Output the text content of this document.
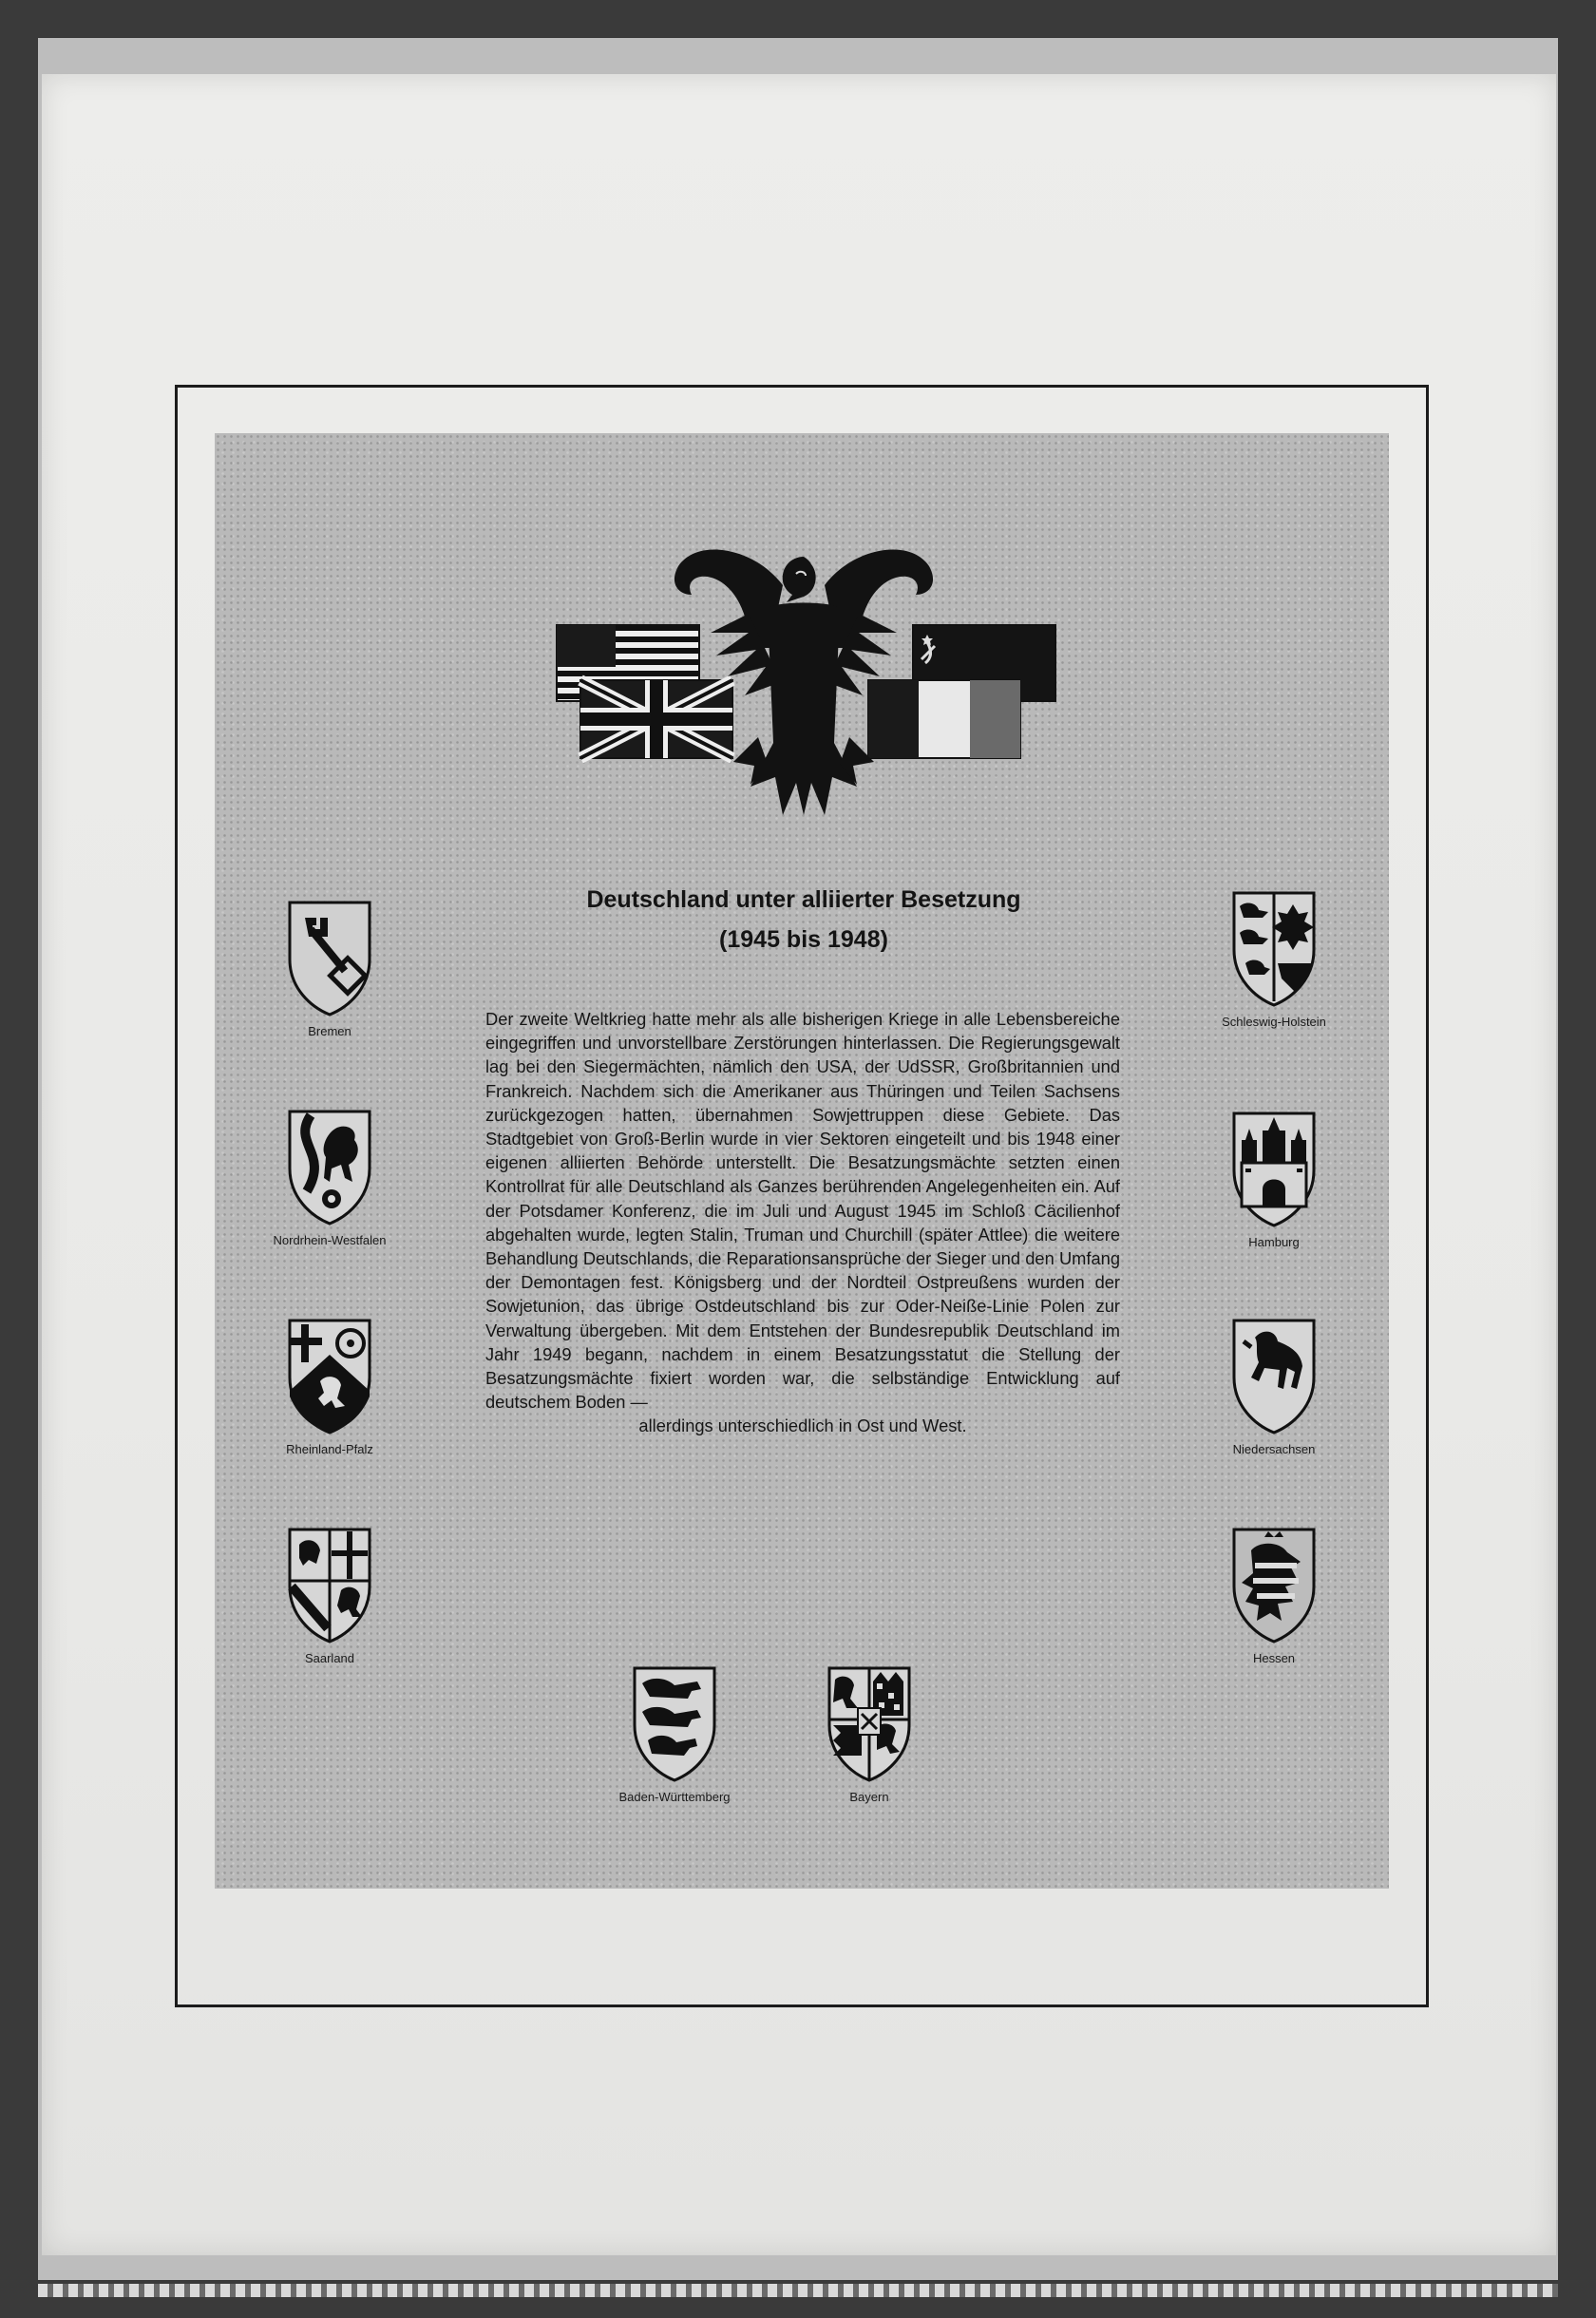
Deutschland unter alliierter Besetzung
(1945 bis 1948)

Der zweite Weltkrieg hatte mehr als alle bisherigen Kriege in alle Lebensbereiche eingegriffen und unvorstellbare Zerstörungen hinterlassen. Die Regierungsgewalt lag bei den Siegermächten, nämlich den USA, der UdSSR, Großbritannien und Frankreich. Nachdem sich die Amerikaner aus Thüringen und Teilen Sachsens zurückgezogen hatten, übernahmen Sowjettruppen diese Gebiete. Das Stadtgebiet von Groß-Berlin wurde in vier Sektoren eingeteilt und bis 1948 einer eigenen alliierten Behörde unterstellt. Die Besatzungsmächte setzten einen Kontrollrat für alle Deutschland als Ganzes berührenden Angelegenheiten ein. Auf der Potsdamer Konferenz, die im Juli und August 1945 im Schloß Cäcilienhof abgehalten wurde, legten Stalin, Truman und Churchill (später Attlee) die weitere Behandlung Deutschlands, die Reparationsansprüche der Sieger und den Umfang der Demontagen fest. Königsberg und der Nordteil Ostpreußens wurden der Sowjetunion, das übrige Ostdeutschland bis zur Oder-Neiße-Linie Polen zur Verwaltung übergeben. Mit dem Entstehen der Bundesrepublik Deutschland im Jahr 1949 begann, nachdem in einem Besatzungsstatut die Stellung der Besatzungsmächte fixiert worden war, die selbständige Entwicklung auf deutschem Boden —
allerdings unterschiedlich in Ost und West.

Bremen
Nordrhein-Westfalen
Rheinland-Pfalz
Saarland
Schleswig-Holstein
Hamburg
Niedersachsen
Hessen
Baden-Württemberg	Bayern
